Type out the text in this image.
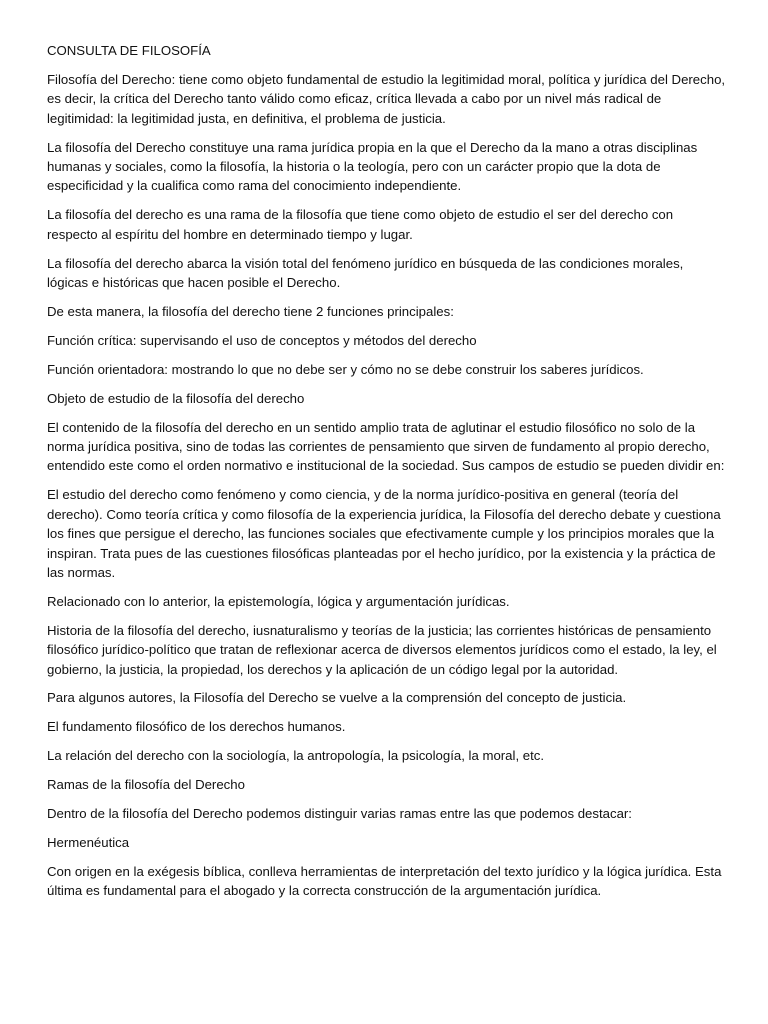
CONSULTA DE FILOSOFÍA

Filosofía del Derecho: tiene como objeto fundamental de estudio la legitimidad moral, política y jurídica del Derecho, es decir, la crítica del Derecho tanto válido como eficaz, crítica llevada a cabo por un nivel más radical de legitimidad: la legitimidad justa, en definitiva, el problema de justicia.

La filosofía del Derecho constituye una rama jurídica propia en la que el Derecho da la mano a otras disciplinas humanas y sociales, como la filosofía, la historia o la teología, pero con un carácter propio que la dota de especificidad y la cualifica como rama del conocimiento independiente.

La filosofía del derecho es una rama de la filosofía que tiene como objeto de estudio el ser del derecho con respecto al espíritu del hombre en determinado tiempo y lugar.

La filosofía del derecho abarca la visión total del fenómeno jurídico en búsqueda de las condiciones morales, lógicas e históricas que hacen posible el Derecho.

De esta manera, la filosofía del derecho tiene 2 funciones principales:

Función crítica: supervisando el uso de conceptos y métodos del derecho

Función orientadora: mostrando lo que no debe ser y cómo no se debe construir los saberes jurídicos.

Objeto de estudio de la filosofía del derecho

El contenido de la filosofía del derecho en un sentido amplio trata de aglutinar el estudio filosófico no solo de la norma jurídica positiva, sino de todas las corrientes de pensamiento que sirven de fundamento al propio derecho, entendido este como el orden normativo e institucional de la sociedad. Sus campos de estudio se pueden dividir en:

El estudio del derecho como fenómeno y como ciencia, y de la norma jurídico-positiva en general (teoría del derecho). Como teoría crítica y como filosofía de la experiencia jurídica, la Filosofía del derecho debate y cuestiona los fines que persigue el derecho, las funciones sociales que efectivamente cumple y los principios morales que la inspiran. Trata pues de las cuestiones filosóficas planteadas por el hecho jurídico, por la existencia y la práctica de las normas.

Relacionado con lo anterior, la epistemología, lógica y argumentación jurídicas.

Historia de la filosofía del derecho, iusnaturalismo y teorías de la justicia; las corrientes históricas de pensamiento filosófico jurídico-político que tratan de reflexionar acerca de diversos elementos jurídicos como el estado, la ley, el gobierno, la justicia, la propiedad, los derechos y la aplicación de un código legal por la autoridad.

Para algunos autores, la Filosofía del Derecho se vuelve a la comprensión del concepto de justicia.

El fundamento filosófico de los derechos humanos.

La relación del derecho con la sociología, la antropología, la psicología, la moral, etc.

Ramas de la filosofía del Derecho

Dentro de la filosofía del Derecho podemos distinguir varias ramas entre las que podemos destacar:

Hermenéutica

Con origen en la exégesis bíblica, conlleva herramientas de interpretación del texto jurídico y la lógica jurídica. Esta última es fundamental para el abogado y la correcta construcción de la argumentación jurídica.
